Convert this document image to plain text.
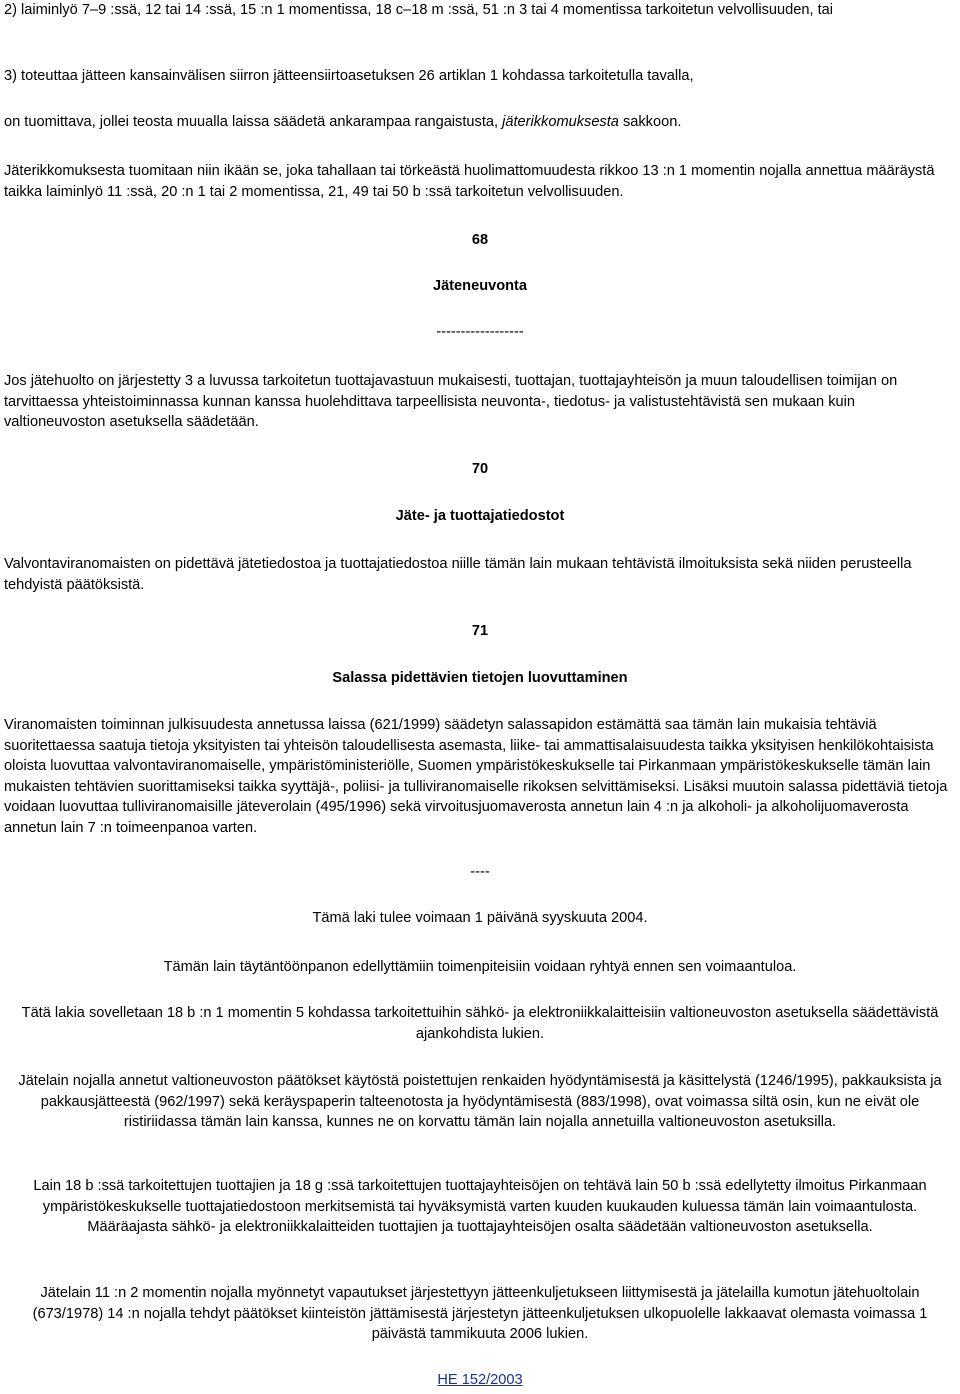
2) laiminlyö 7–9 :ssä, 12 tai 14 :ssä, 15 :n 1 momentissa, 18 c–18 m :ssä, 51 :n 3 tai 4 momentissa tarkoitetun velvollisuuden, tai

3) toteuttaa jätteen kansainvälisen siirron jätteensiirtoasetuksen 26 artiklan 1 kohdassa tarkoitetulla tavalla,

on tuomittava, jollei teosta muualla laissa säädetä ankarampaa rangaistusta, jäterikkomuksesta sakkoon.

Jäterikkomuksesta tuomitaan niin ikään se, joka tahallaan tai törkeästä huolimattomuudesta rikkoo 13 :n 1 momentin nojalla annettua määräystä taikka laiminlyö 11 :ssä, 20 :n 1 tai 2 momentissa, 21, 49 tai 50 b :ssä tarkoitetun velvollisuuden.

68

Jäteneuvonta

------------------

Jos jätehuolto on järjestetty 3 a luvussa tarkoitetun tuottajavastuun mukaisesti, tuottajan, tuottajayhteisön ja muun taloudellisen toimijan on tarvittaessa yhteistoiminnassa kunnan kanssa huolehdittava tarpeellisista neuvonta-, tiedotus- ja valistustehtävistä sen mukaan kuin valtioneuvoston asetuksella säädetään.

70

Jäte- ja tuottajatiedostot

Valvontaviranomaisten on pidettävä jätetiedostoa ja tuottajatiedostoa niille tämän lain mukaan tehtävistä ilmoituksista sekä niiden perusteella tehdyistä päätöksistä.

71

Salassa pidettävien tietojen luovuttaminen

Viranomaisten toiminnan julkisuudesta annetussa laissa (621/1999) säädetyn salassapidon estämättä saa tämän lain mukaisia tehtäviä suoritettaessa saatuja tietoja yksityisten tai yhteisön taloudellisesta asemasta, liike- tai ammattisalaisuudesta taikka yksityisen henkilökohtaisista oloista luovuttaa valvontaviranomaiselle, ympäristöministeriölle, Suomen ympäristökeskukselle tai Pirkanmaan ympäristökeskukselle tämän lain mukaisten tehtävien suorittamiseksi taikka syyttäjä-, poliisi- ja tulliviranomaiselle rikoksen selvittämiseksi. Lisäksi muutoin salassa pidettäviä tietoja voidaan luovuttaa tulliviranomaisille jäteverolain (495/1996) sekä virvoitusjuomaverosta annetun lain 4 :n ja alkoholi- ja alkoholijuomaverosta annetun lain 7 :n toimeenpanoa varten.

----

Tämä laki tulee voimaan 1 päivänä syyskuuta 2004.

Tämän lain täytäntöönpanon edellyttämiin toimenpiteisiin voidaan ryhtyä ennen sen voimaantuloa.

Tätä lakia sovelletaan 18 b :n 1 momentin 5 kohdassa tarkoitettuihin sähkö- ja elektroniikkalaitteisiin valtioneuvoston asetuksella säädettävistä ajankohdista lukien.

Jätelain nojalla annetut valtioneuvoston päätökset käytöstä poistettujen renkaiden hyödyntämisestä ja käsittelystä (1246/1995), pakkauksista ja pakkausjätteestä (962/1997) sekä keräyspaperin talteenotosta ja hyödyntämisestä (883/1998), ovat voimassa siltä osin, kun ne eivät ole ristiriidassa tämän lain kanssa, kunnes ne on korvattu tämän lain nojalla annetuilla valtioneuvoston asetuksilla.

Lain 18 b :ssä tarkoitettujen tuottajien ja 18 g :ssä tarkoitettujen tuottajayhteisöjen on tehtävä lain 50 b :ssä edellytetty ilmoitus Pirkanmaan ympäristökeskukselle tuottajatiedostoon merkitsemistä tai hyväksymistä varten kuuden kuukauden kuluessa tämän lain voimaantulosta. Määräajasta sähkö- ja elektroniikkalaitteiden tuottajien ja tuottajayhteisöjen osalta säädetään valtioneuvoston asetuksella.

Jätelain 11 :n 2 momentin nojalla myönnetyt vapautukset järjestettyyn jätteenkuljetukseen liittymisestä ja jätelailla kumotun jätehuoltolain (673/1978) 14 :n nojalla tehdyt päätökset kiinteistön jättämisestä järjestetyn jätteenkuljetuksen ulkopuolelle lakkaavat olemasta voimassa 1 päivästä tammikuuta 2006 lukien.

HE 152/2003
